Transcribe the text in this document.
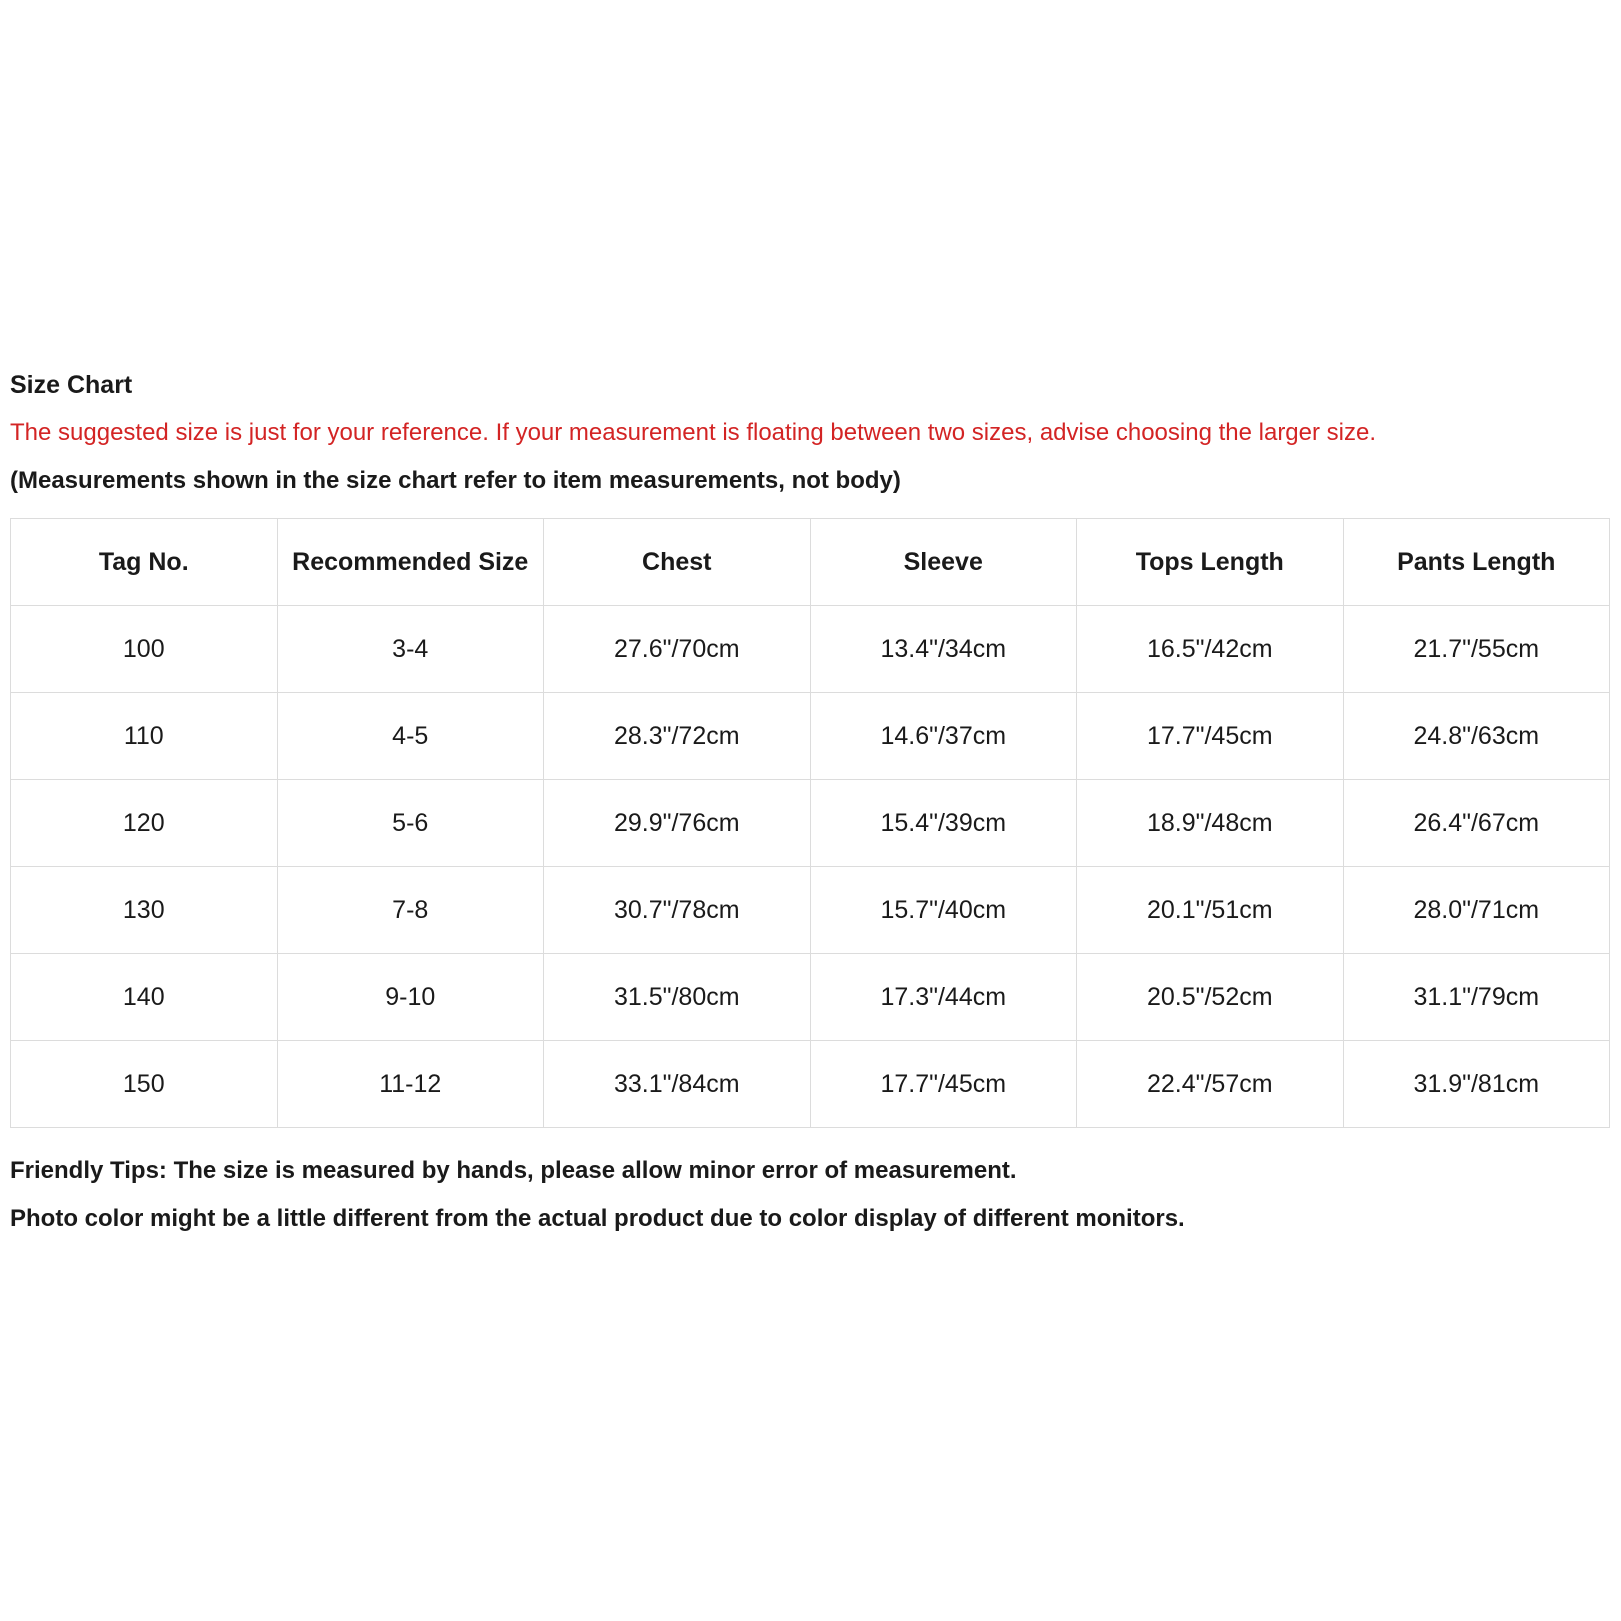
Size Chart
The suggested size is just for your reference. If your measurement is floating between two sizes, advise choosing the larger size.
(Measurements shown in the size chart refer to item measurements, not body)
Tag No.	Recommended Size	Chest	Sleeve	Tops Length	Pants Length
100	3-4	27.6"/70cm	13.4"/34cm	16.5"/42cm	21.7"/55cm
110	4-5	28.3"/72cm	14.6"/37cm	17.7"/45cm	24.8"/63cm
120	5-6	29.9"/76cm	15.4"/39cm	18.9"/48cm	26.4"/67cm
130	7-8	30.7"/78cm	15.7"/40cm	20.1"/51cm	28.0"/71cm
140	9-10	31.5"/80cm	17.3"/44cm	20.5"/52cm	31.1"/79cm
150	11-12	33.1"/84cm	17.7"/45cm	22.4"/57cm	31.9"/81cm
Friendly Tips: The size is measured by hands, please allow minor error of measurement.
Photo color might be a little different from the actual product due to color display of different monitors.
